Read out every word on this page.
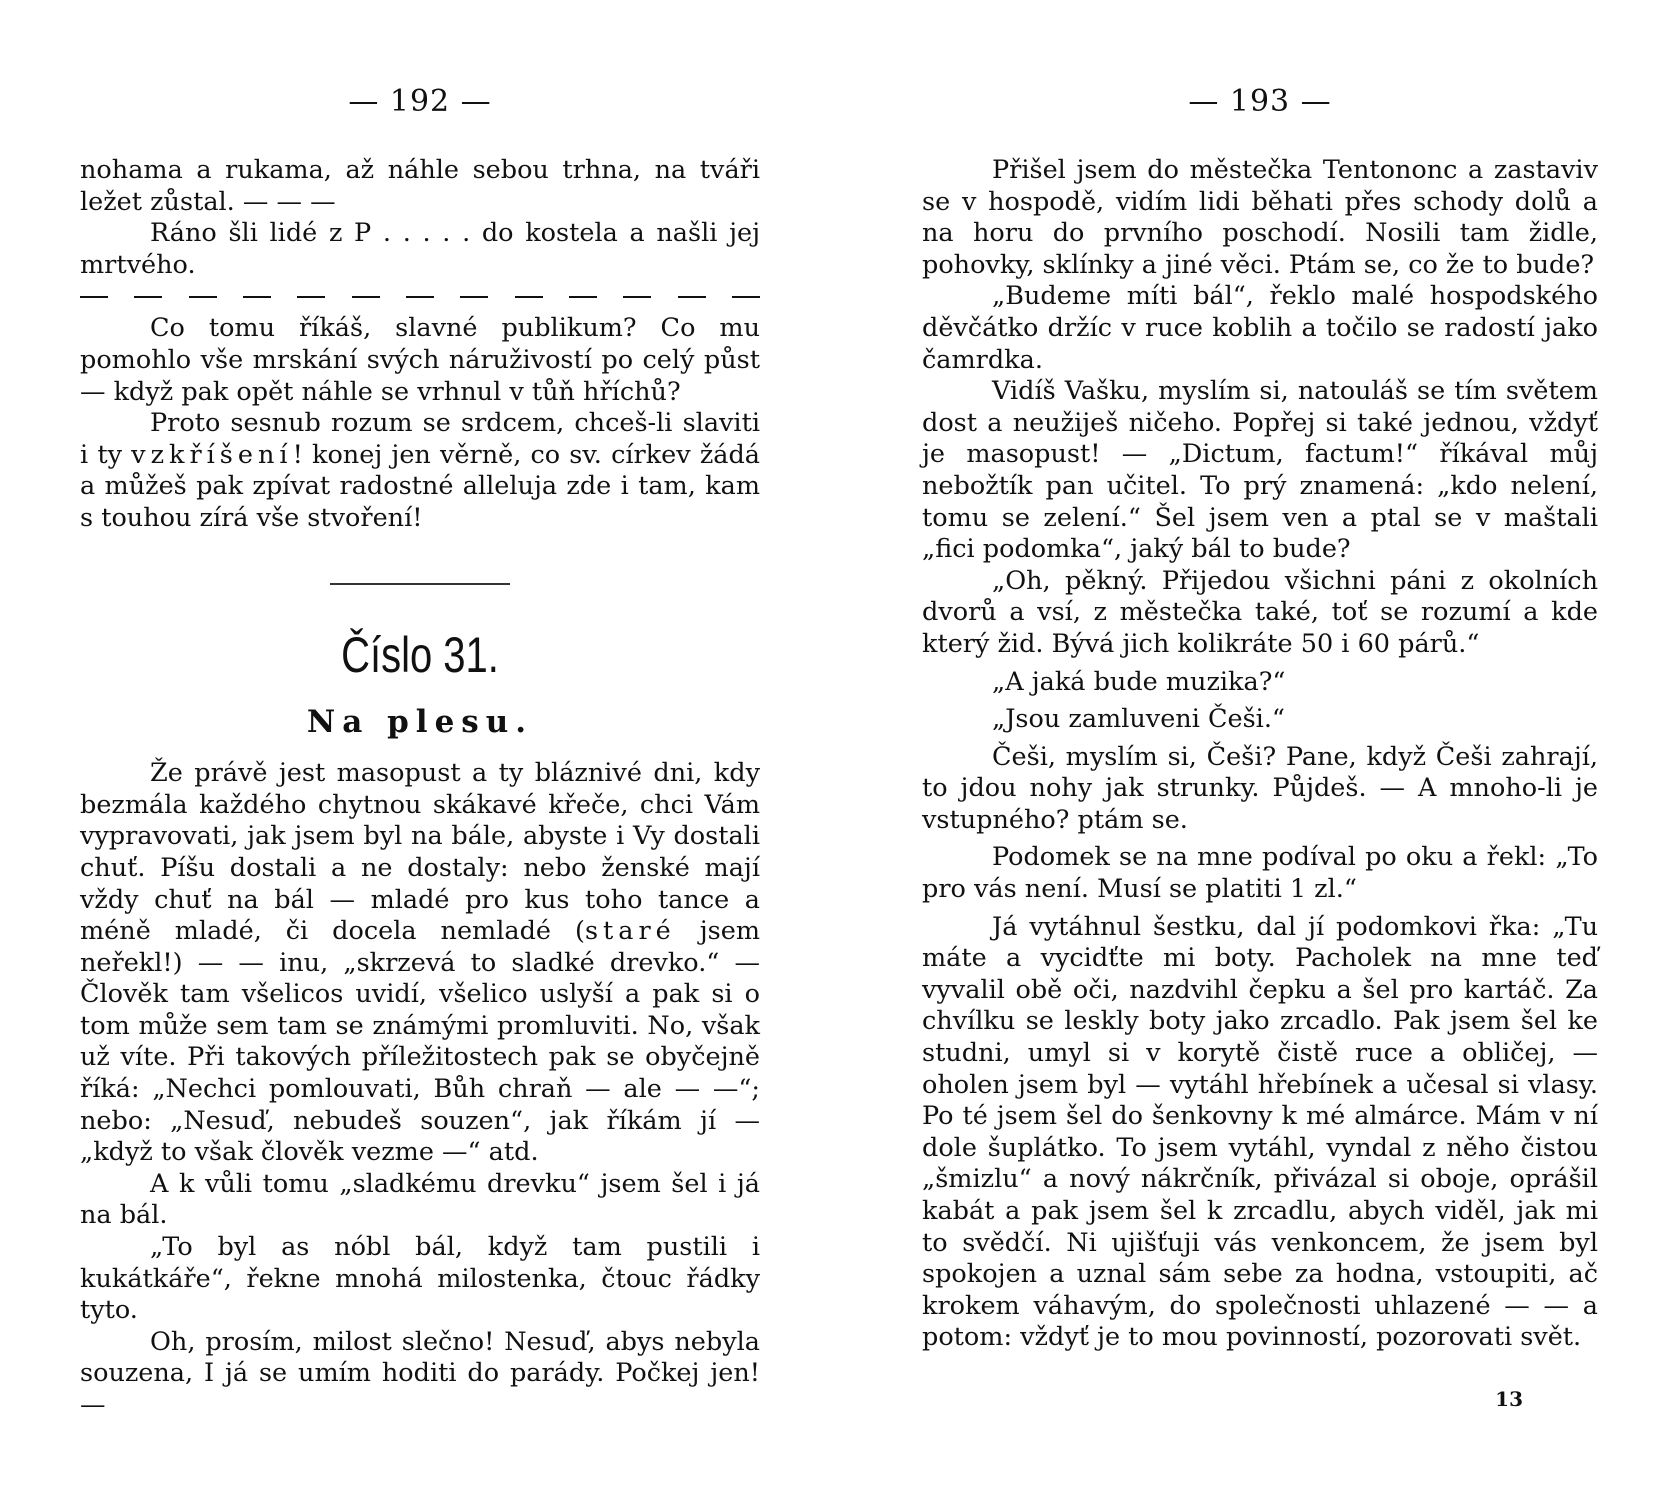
— 192 —

nohama a rukama, až náhle sebou trhna, na tváři ležet zůstal. — — —

Ráno šli lidé z P . . . . . do kostela a našli jej mrtvého.

Co tomu říkáš, slavné publikum? Co mu pomohlo vše mrskání svých náruživostí po celý půst — když pak opět náhle se vrhnul v tůň hříchů?

Proto sesnub rozum se srdcem, chceš-li slaviti i ty vzkříšení! konej jen věrně, co sv. církev žádá a můžeš pak zpívat radostné alleluja zde i tam, kam s touhou zírá vše stvoření!

Číslo 31.
Na plesu.

Že právě jest masopust a ty bláznivé dni, kdy bezmála každého chytnou skákavé křeče, chci Vám vypravovati, jak jsem byl na bále, abyste i Vy dostali chuť. Píšu dostali a ne dostaly: nebo ženské mají vždy chuť na bál — mladé pro kus toho tance a méně mladé, či docela nemladé (staré jsem neřekl!) — — inu, „skrzevá to sladké drevko.“ — Člověk tam všelicos uvidí, všelico uslyší a pak si o tom může sem tam se známými promluviti. No, však už víte. Při takových příležitostech pak se obyčejně říká: „Nechci pomlouvati, Bůh chraň — ale — —“; nebo: „Nesuď, nebudeš souzen“, jak říkám jí — „když to však člověk vezme —“ atd.

A k vůli tomu „sladkému drevku“ jsem šel i já na bál.

„To byl as nóbl bál, když tam pustili i kukátkáře“, řekne mnohá milostenka, čtouc řádky tyto.

Oh, prosím, milost slečno! Nesuď, abys nebyla souzena, I já se umím hoditi do parády. Počkej jen! —

— 193 —

Přišel jsem do městečka Tentononc a zastaviv se v hospodě, vidím lidi běhati přes schody dolů a na horu do prvního poschodí. Nosili tam židle, pohovky, sklínky a jiné věci. Ptám se, co že to bude?

„Budeme míti bál“, řeklo malé hospodského děvčátko držíc v ruce koblih a točilo se radostí jako čamrdka.

Vidíš Vašku, myslím si, natouláš se tím světem dost a neužiješ ničeho. Popřej si také jednou, vždyť je masopust! — „Dictum, factum!“ říkával můj nebožtík pan učitel. To prý znamená: „kdo nelení, tomu se zelení.“ Šel jsem ven a ptal se v maštali „fici podomka“, jaký bál to bude?

„Oh, pěkný. Přijedou všichni páni z okolních dvorů a vsí, z městečka také, toť se rozumí a kde který žid. Bývá jich kolikráte 50 i 60 párů.“

„A jaká bude muzika?“

„Jsou zamluveni Češi.“

Češi, myslím si, Češi? Pane, když Češi zahrají, to jdou nohy jak strunky. Půjdeš. — A mnoho-li je vstupného? ptám se.

Podomek se na mne podíval po oku a řekl: „To pro vás není. Musí se platiti 1 zl.“

Já vytáhnul šestku, dal jí podomkovi řka: „Tu máte a vycidťte mi boty. Pacholek na mne teď vyvalil obě oči, nazdvihl čepku a šel pro kartáč. Za chvílku se leskly boty jako zrcadlo. Pak jsem šel ke studni, umyl si v korytě čistě ruce a obličej, — oholen jsem byl — vytáhl hřebínek a učesal si vlasy. Po té jsem šel do šenkovny k mé almárce. Mám v ní dole šuplátko. To jsem vytáhl, vyndal z něho čistou „šmizlu“ a nový nákrčník, přivázal si oboje, oprášil kabát a pak jsem šel k zrcadlu, abych viděl, jak mi to svědčí. Ni ujišťuji vás venkoncem, že jsem byl spokojen a uznal sám sebe za hodna, vstoupiti, ač krokem váhavým, do společnosti uhlazené — — a potom: vždyť je to mou povinností, pozorovati svět.

13
